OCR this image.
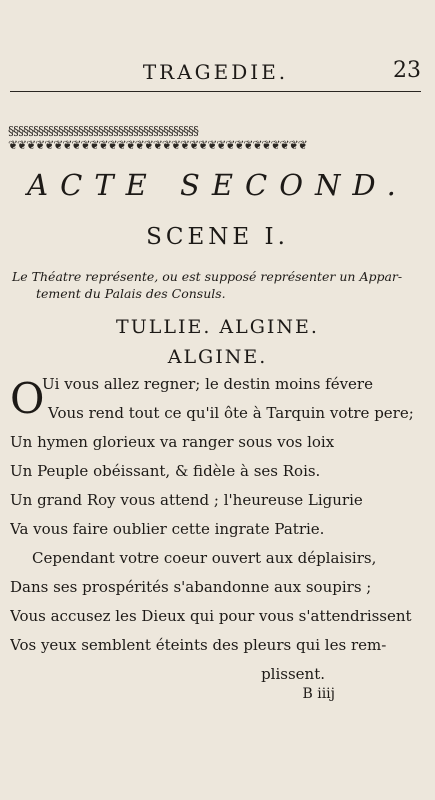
TRAGEDIE.	23
§§§§§§§§§§§§§§§§§§§§§§§§§§§§§§§§§§§§§§
❦❦❦❦❦❦❦❦❦❦❦❦❦❦❦❦❦❦❦❦❦❦❦❦❦❦❦❦❦❦❦❦❦
ACTE SECOND.
SCENE I.
Le Théatre représente, ou est supposé représenter un Appar-
tement du Palais des Consuls.
TULLIE. ALGINE.
ALGINE.
O
Ui vous allez regner; le destin moins févere
Vous rend tout ce qu'il ôte à Tarquin votre pere;
Un hymen glorieux va ranger sous vos loix
Un Peuple obéissant, & fidèle à ses Rois.
Un grand Roy vous attend ; l'heureuse Ligurie
Va vous faire oublier cette ingrate Patrie.
Cependant votre coeur ouvert aux déplaisirs,
Dans ses prospérités s'abandonne aux soupirs ;
Vous accusez les Dieux qui pour vous s'attendrissent
Vos yeux semblent éteints des pleurs qui les rem-
plissent.
B iiij
